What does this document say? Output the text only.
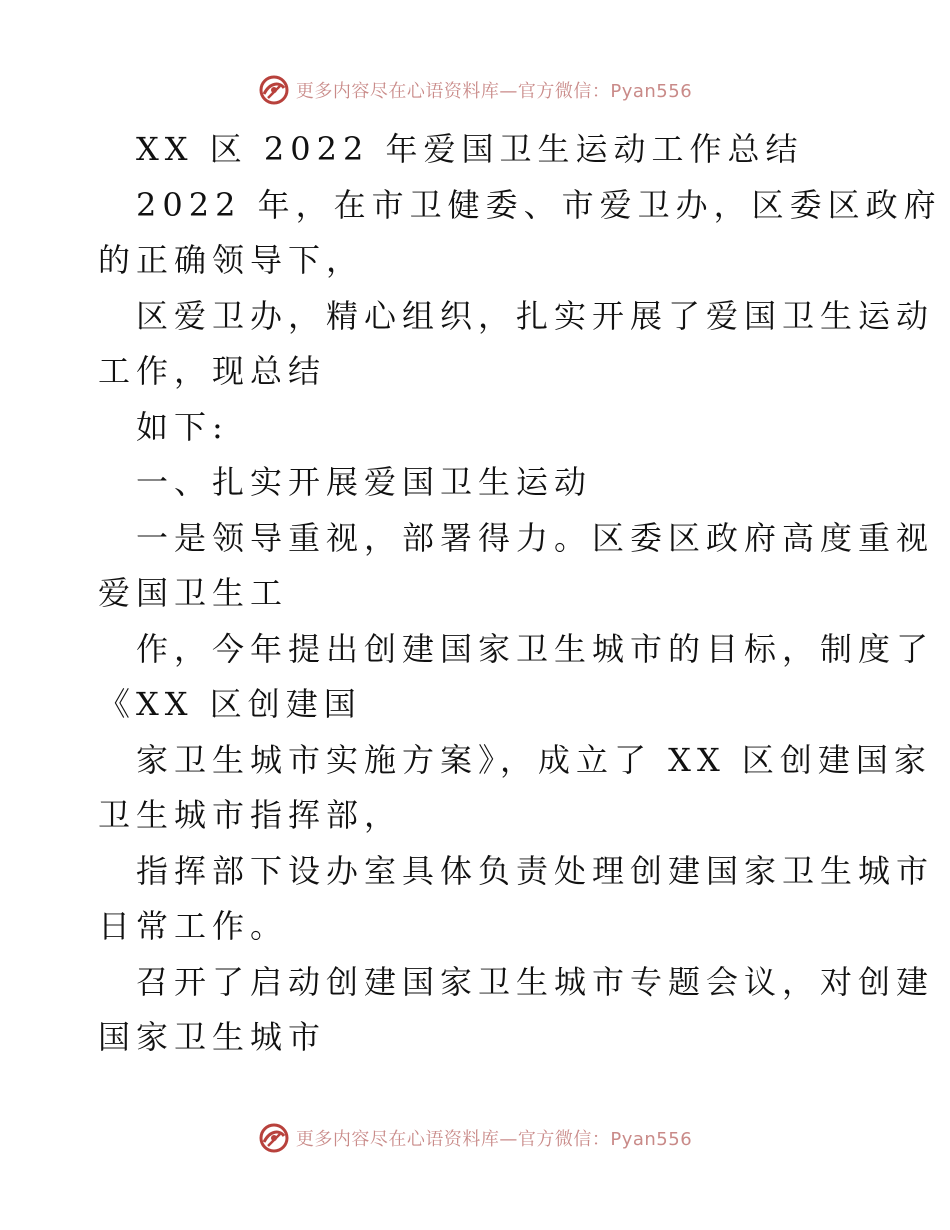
更多内容尽在心语资料库—官方微信：Pyan556
XX 区 2022 年爱国卫生运动工作总结
2022 年，在市卫健委、市爱卫办，区委区政府
的正确领导下，
区爱卫办，精心组织，扎实开展了爱国卫生运动
工作，现总结
如下:
一、扎实开展爱国卫生运动
一是领导重视，部署得力。区委区政府高度重视
爱国卫生工
作，今年提出创建国家卫生城市的目标，制度了
《XX 区创建国
家卫生城市实施方案》，成立了 XX 区创建国家
卫生城市指挥部，
指挥部下设办室具体负责处理创建国家卫生城市
日常工作。
召开了启动创建国家卫生城市专题会议，对创建
国家卫生城市
更多内容尽在心语资料库—官方微信：Pyan556
